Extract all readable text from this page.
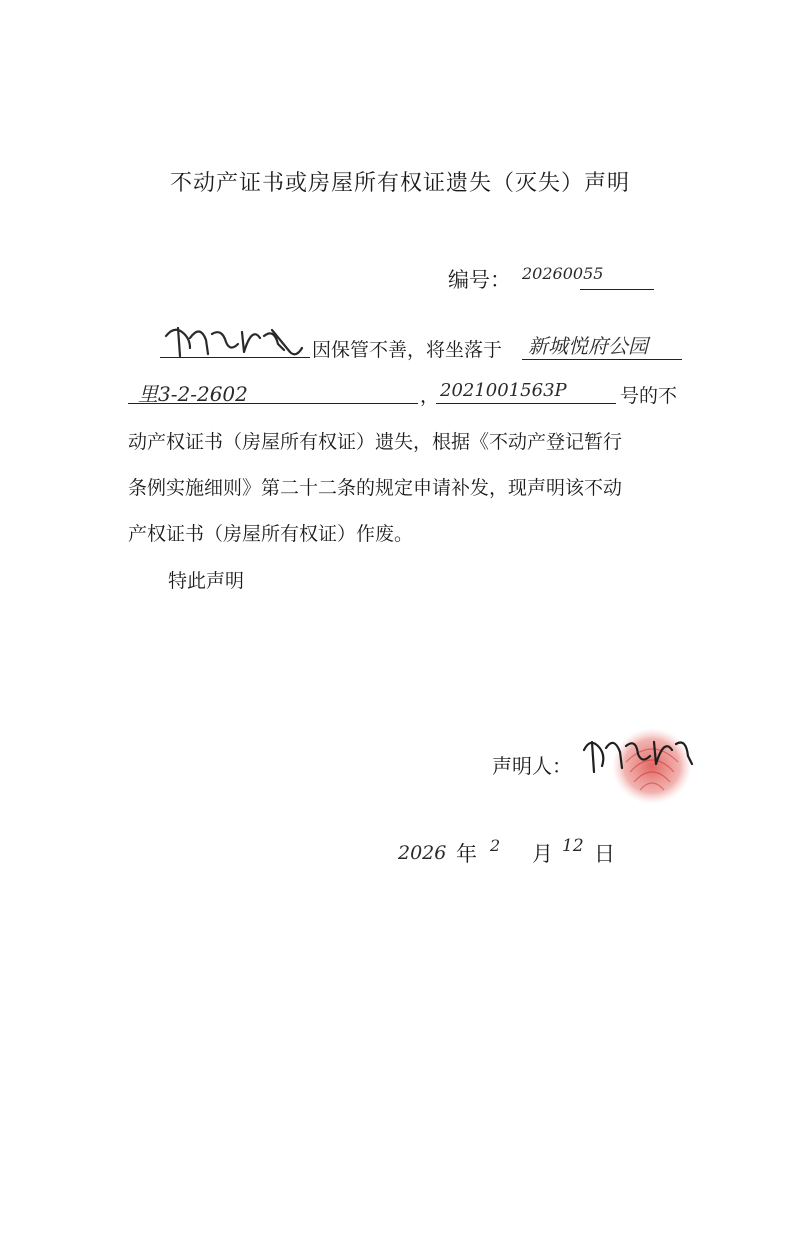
不动产证书或房屋所有权证遗失（灭失）声明
编号： 20260055
因保管不善，将坐落于 新城悦府公园
里3-2-2602	， 2021001563P	号的不
动产权证书（房屋所有权证）遗失，根据《不动产登记暂行
条例实施细则》第二十二条的规定申请补发，现声明该不动
产权证书（房屋所有权证）作废。
特此声明
声明人：
2026 年 2 月 12 日
